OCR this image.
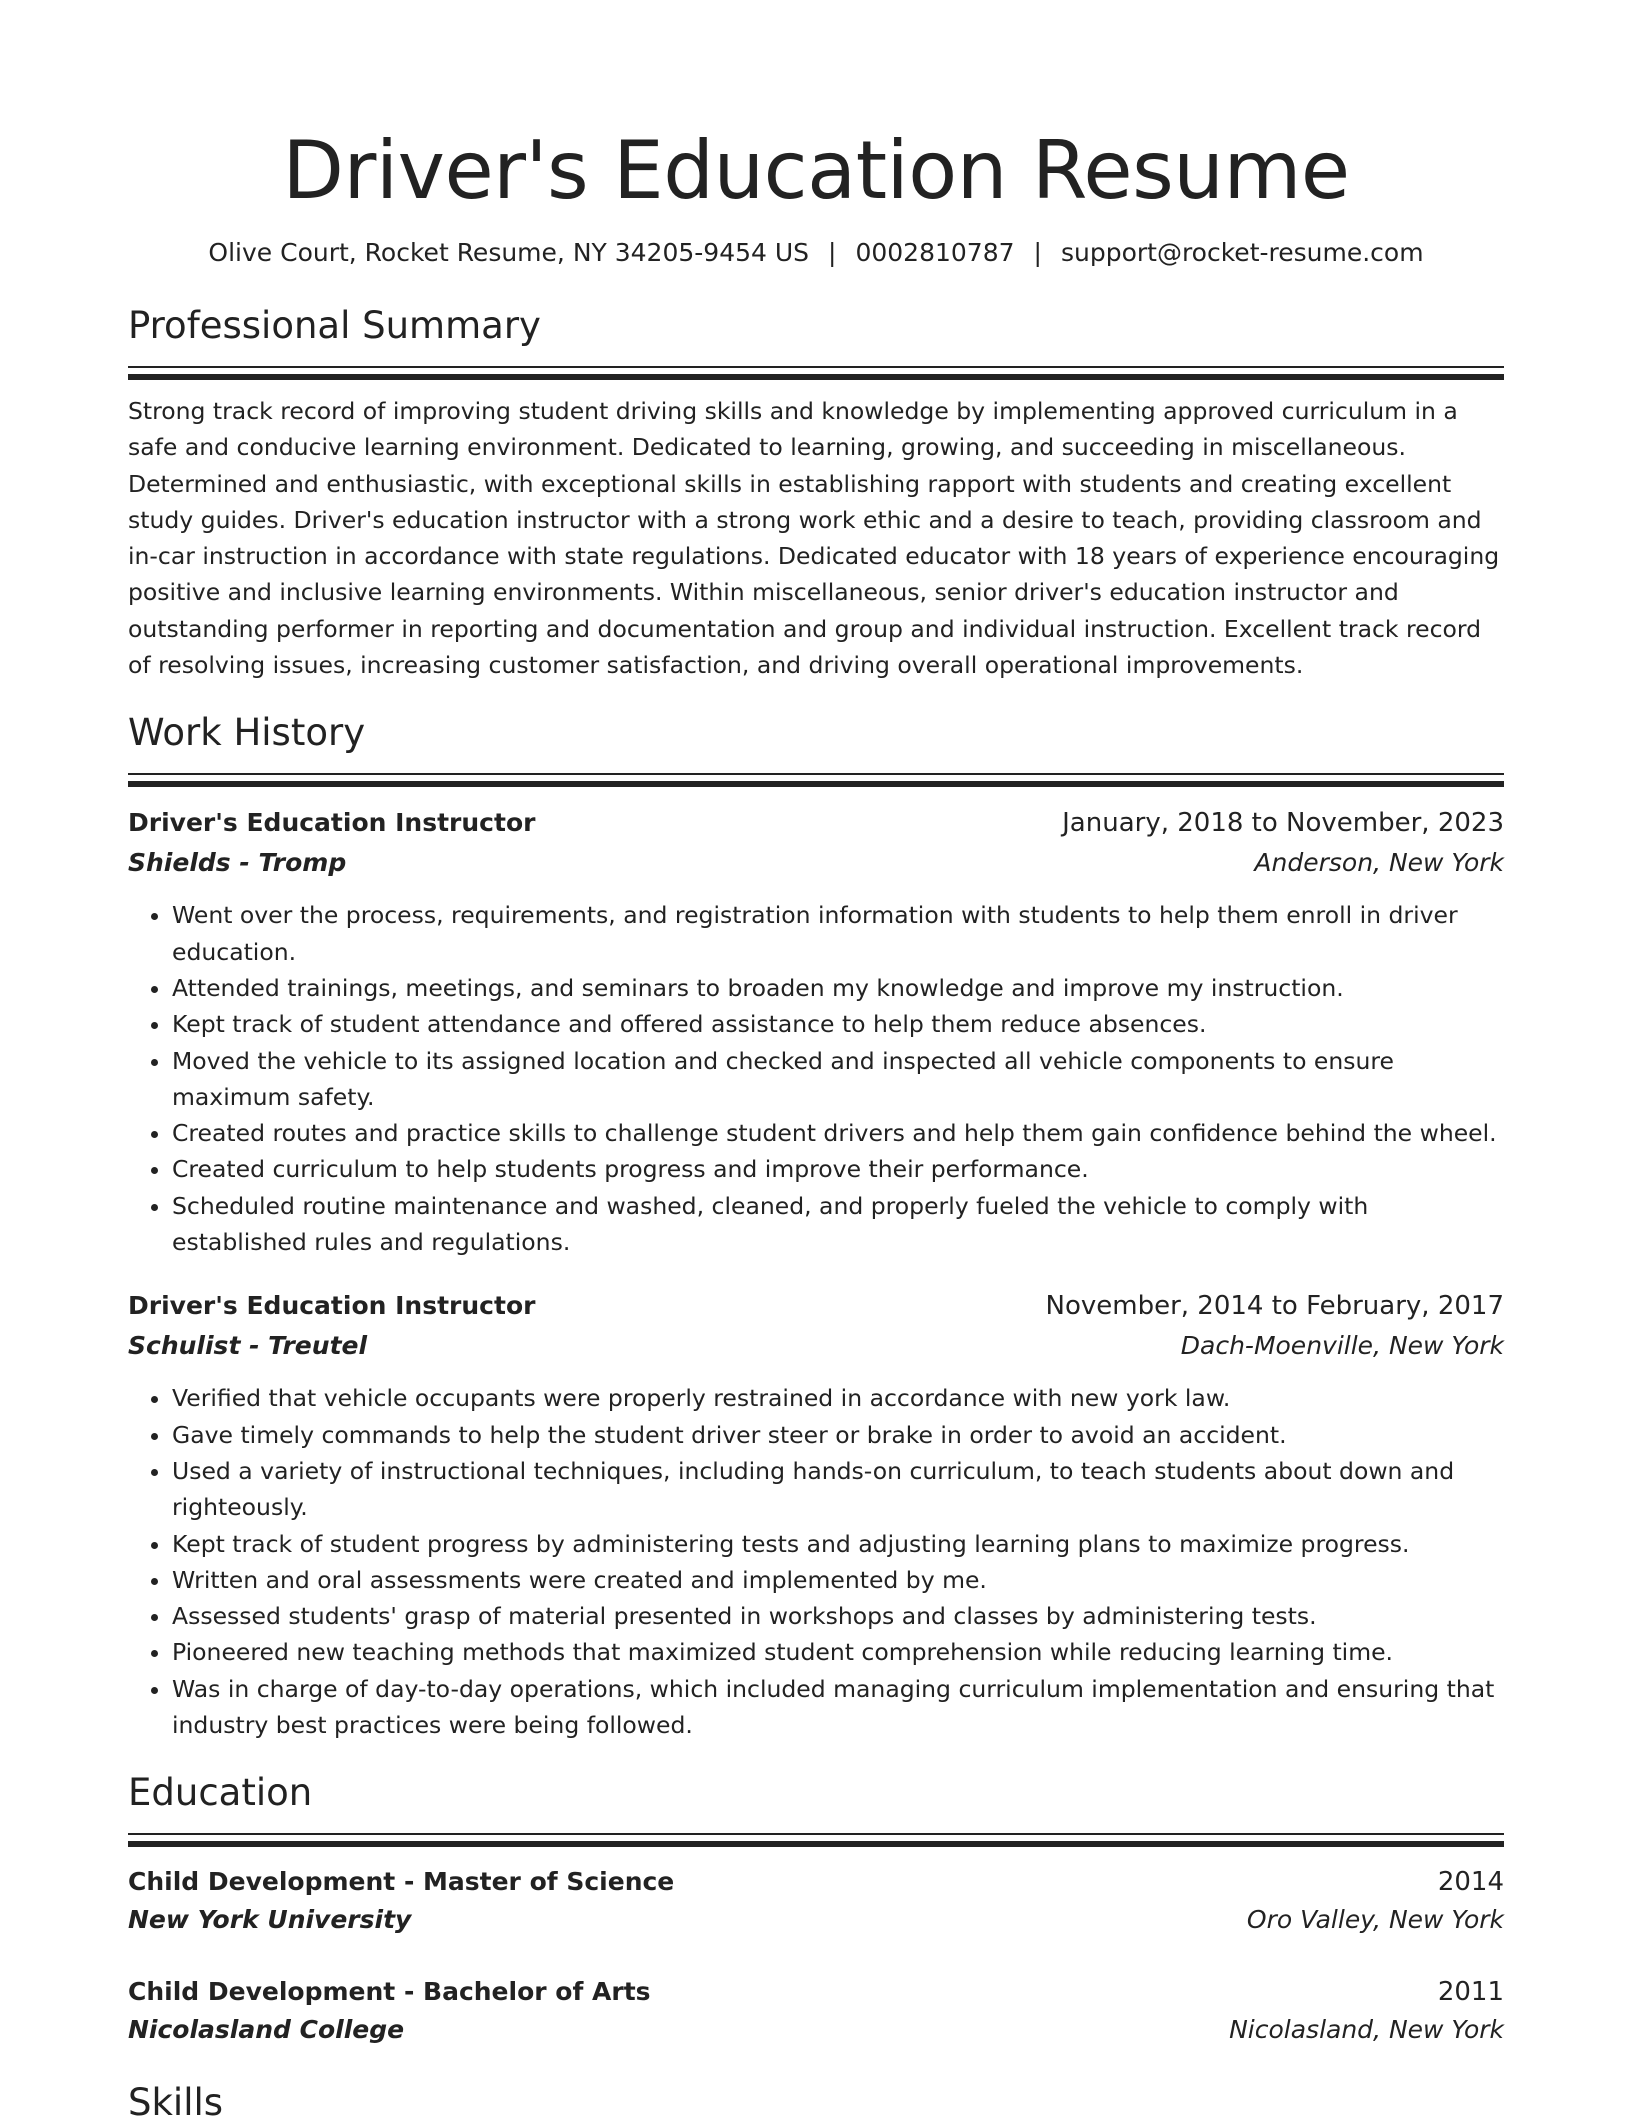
Driver's Education Resume
Olive Court, Rocket Resume, NY 34205-9454 US | 0002810787 | support@rocket-resume.com
Professional Summary

Strong track record of improving student driving skills and knowledge by implementing approved curriculum in a safe and conducive learning environment. Dedicated to learning, growing, and succeeding in miscellaneous. Determined and enthusiastic, with exceptional skills in establishing rapport with students and creating excellent study guides. Driver's education instructor with a strong work ethic and a desire to teach, providing classroom and in-car instruction in accordance with state regulations. Dedicated educator with 18 years of experience encouraging positive and inclusive learning environments. Within miscellaneous, senior driver's education instructor and outstanding performer in reporting and documentation and group and individual instruction. Excellent track record of resolving issues, increasing customer satisfaction, and driving overall operational improvements.

Work History
Driver's Education Instructor	January, 2018 to November, 2023
Shields - Tromp	Anderson, New York
• Went over the process, requirements, and registration information with students to help them enroll in driver education.
• Attended trainings, meetings, and seminars to broaden my knowledge and improve my instruction.
• Kept track of student attendance and offered assistance to help them reduce absences.
• Moved the vehicle to its assigned location and checked and inspected all vehicle components to ensure maximum safety.
• Created routes and practice skills to challenge student drivers and help them gain confidence behind the wheel.
• Created curriculum to help students progress and improve their performance.
• Scheduled routine maintenance and washed, cleaned, and properly fueled the vehicle to comply with established rules and regulations.
Driver's Education Instructor	November, 2014 to February, 2017
Schulist - Treutel	Dach-Moenville, New York
• Verified that vehicle occupants were properly restrained in accordance with new york law.
• Gave timely commands to help the student driver steer or brake in order to avoid an accident.
• Used a variety of instructional techniques, including hands-on curriculum, to teach students about down and righteously.
• Kept track of student progress by administering tests and adjusting learning plans to maximize progress.
• Written and oral assessments were created and implemented by me.
• Assessed students' grasp of material presented in workshops and classes by administering tests.
• Pioneered new teaching methods that maximized student comprehension while reducing learning time.
• Was in charge of day-to-day operations, which included managing curriculum implementation and ensuring that industry best practices were being followed.
Education
Child Development - Master of Science	2014
New York University	Oro Valley, New York
Child Development - Bachelor of Arts	2011
Nicolasland College	Nicolasland, New York
Skills
